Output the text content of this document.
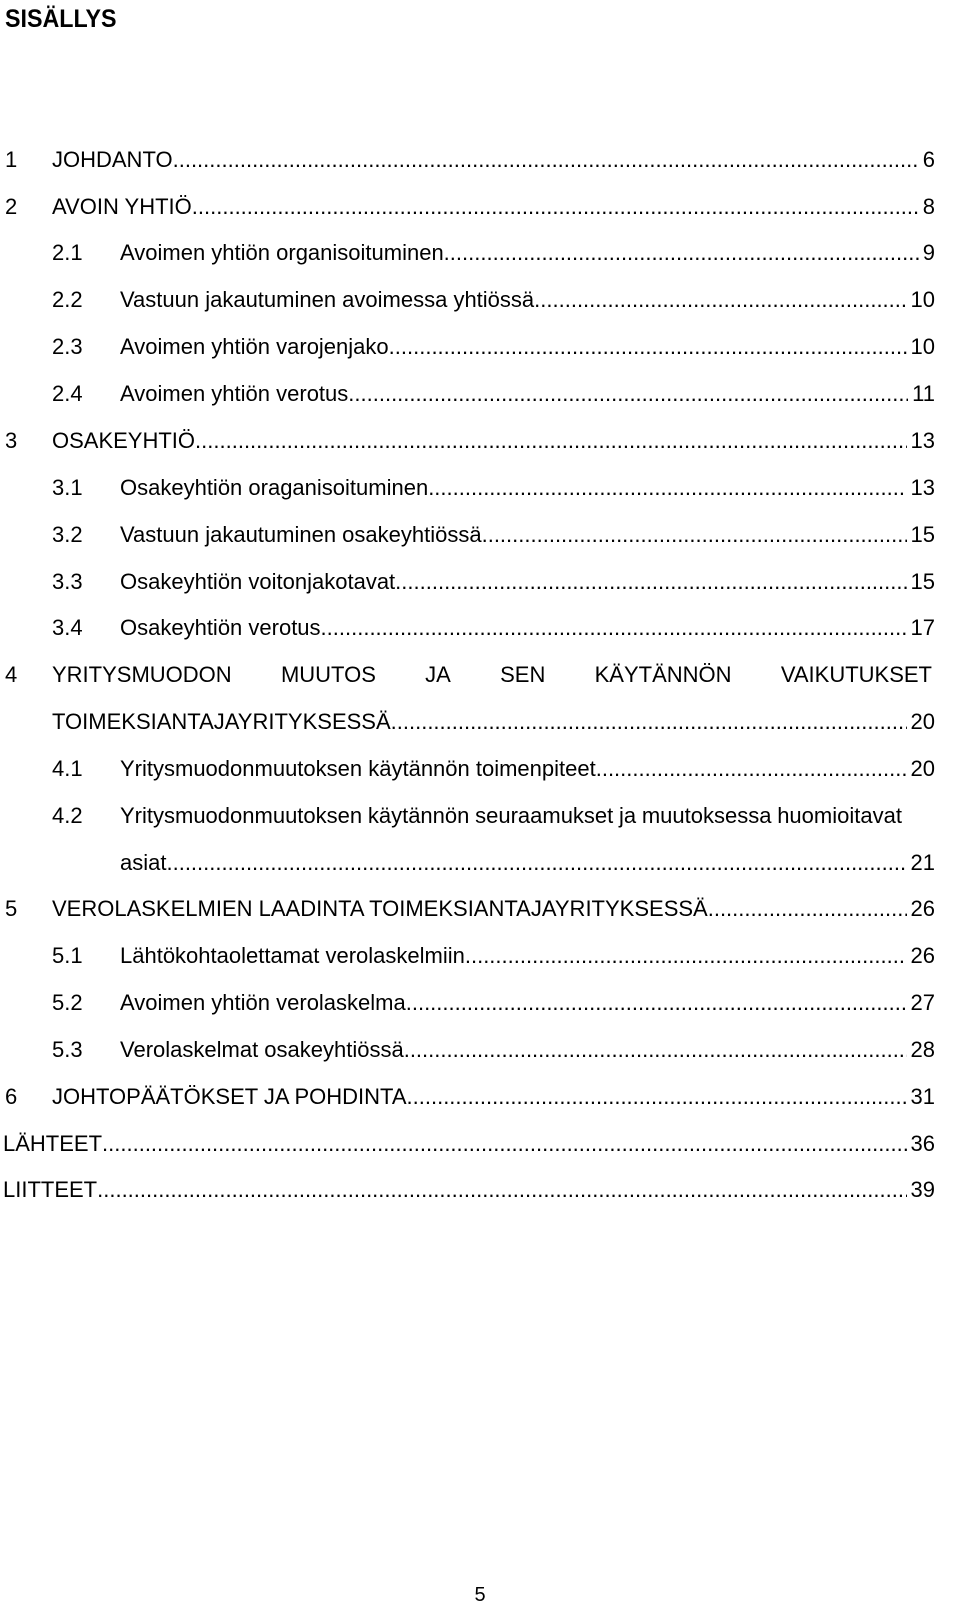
SISÄLLYS
1 JOHDANTO .....	6
2 AVOIN YHTIÖ .....	8
2.1 Avoimen yhtiön organisoituminen. .....	9
2.2 Vastuun jakautuminen avoimessa yhtiössä .....	10
2.3 Avoimen yhtiön varojenjako. .....	10
2.4 Avoimen yhtiön verotus .....	11
3 OSAKEYHTIÖ .....	13
3.1 Osakeyhtiön oraganisoituminen .....	13
3.2 Vastuun jakautuminen osakeyhtiössä .....	15
3.3 Osakeyhtiön voitonjakotavat .....	15
3.4 Osakeyhtiön verotus .....	17
4 YRITYSMUODON MUUTOS JA SEN KÄYTÄNNÖN VAIKUTUKSET
TOIMEKSIANTAJAYRITYKSESSÄ .....	20
4.1 Yritysmuodonmuutoksen käytännön toimenpiteet .....	20
4.2 Yritysmuodonmuutoksen käytännön seuraamukset ja muutoksessa huomioitavat
asiat .....	21
5 VEROLASKELMIEN LAADINTA TOIMEKSIANTAJAYRITYKSESSÄ .....	26
5.1 Lähtökohtaolettamat verolaskelmiin .....	26
5.2 Avoimen yhtiön verolaskelma .....	27
5.3 Verolaskelmat osakeyhtiössä .....	28
6 JOHTOPÄÄTÖKSET JA POHDINTA .....	31
LÄHTEET .....	36
LIITTEET .....	39
5
